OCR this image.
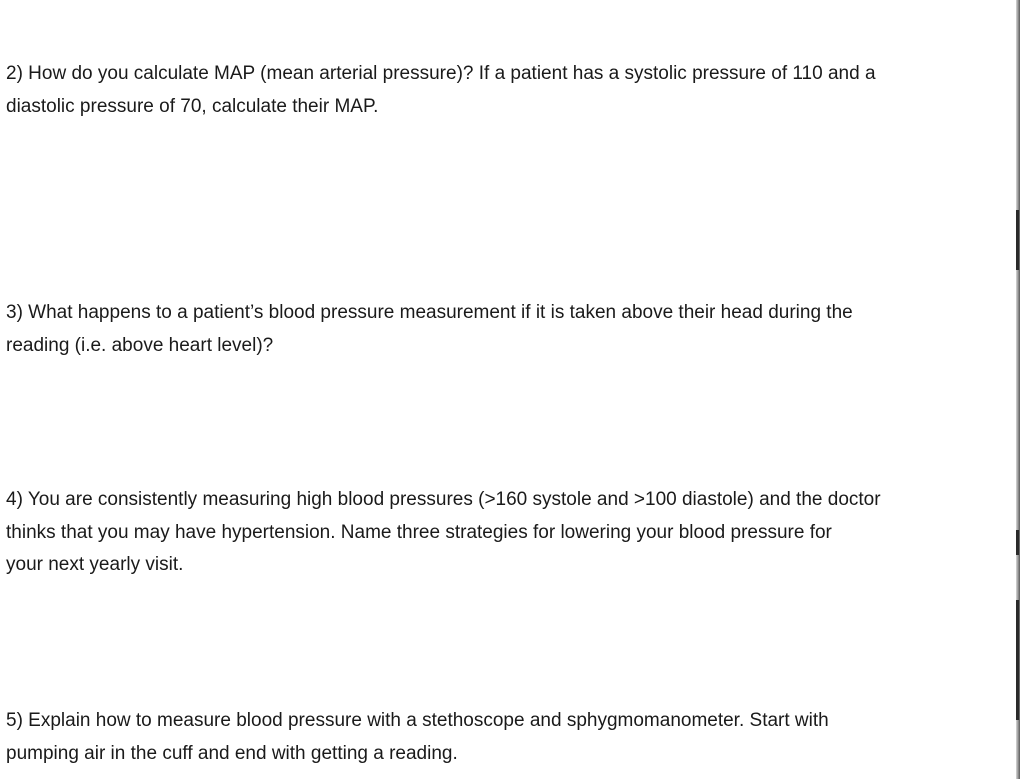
2) How do you calculate MAP (mean arterial pressure)? If a patient has a systolic pressure of 110 and a
diastolic pressure of 70, calculate their MAP.
3) What happens to a patient’s blood pressure measurement if it is taken above their head during the
reading (i.e. above heart level)?
4) You are consistently measuring high blood pressures (>160 systole and >100 diastole) and the doctor
thinks that you may have hypertension. Name three strategies for lowering your blood pressure for
your next yearly visit.
5) Explain how to measure blood pressure with a stethoscope and sphygmomanometer. Start with
pumping air in the cuff and end with getting a reading.
